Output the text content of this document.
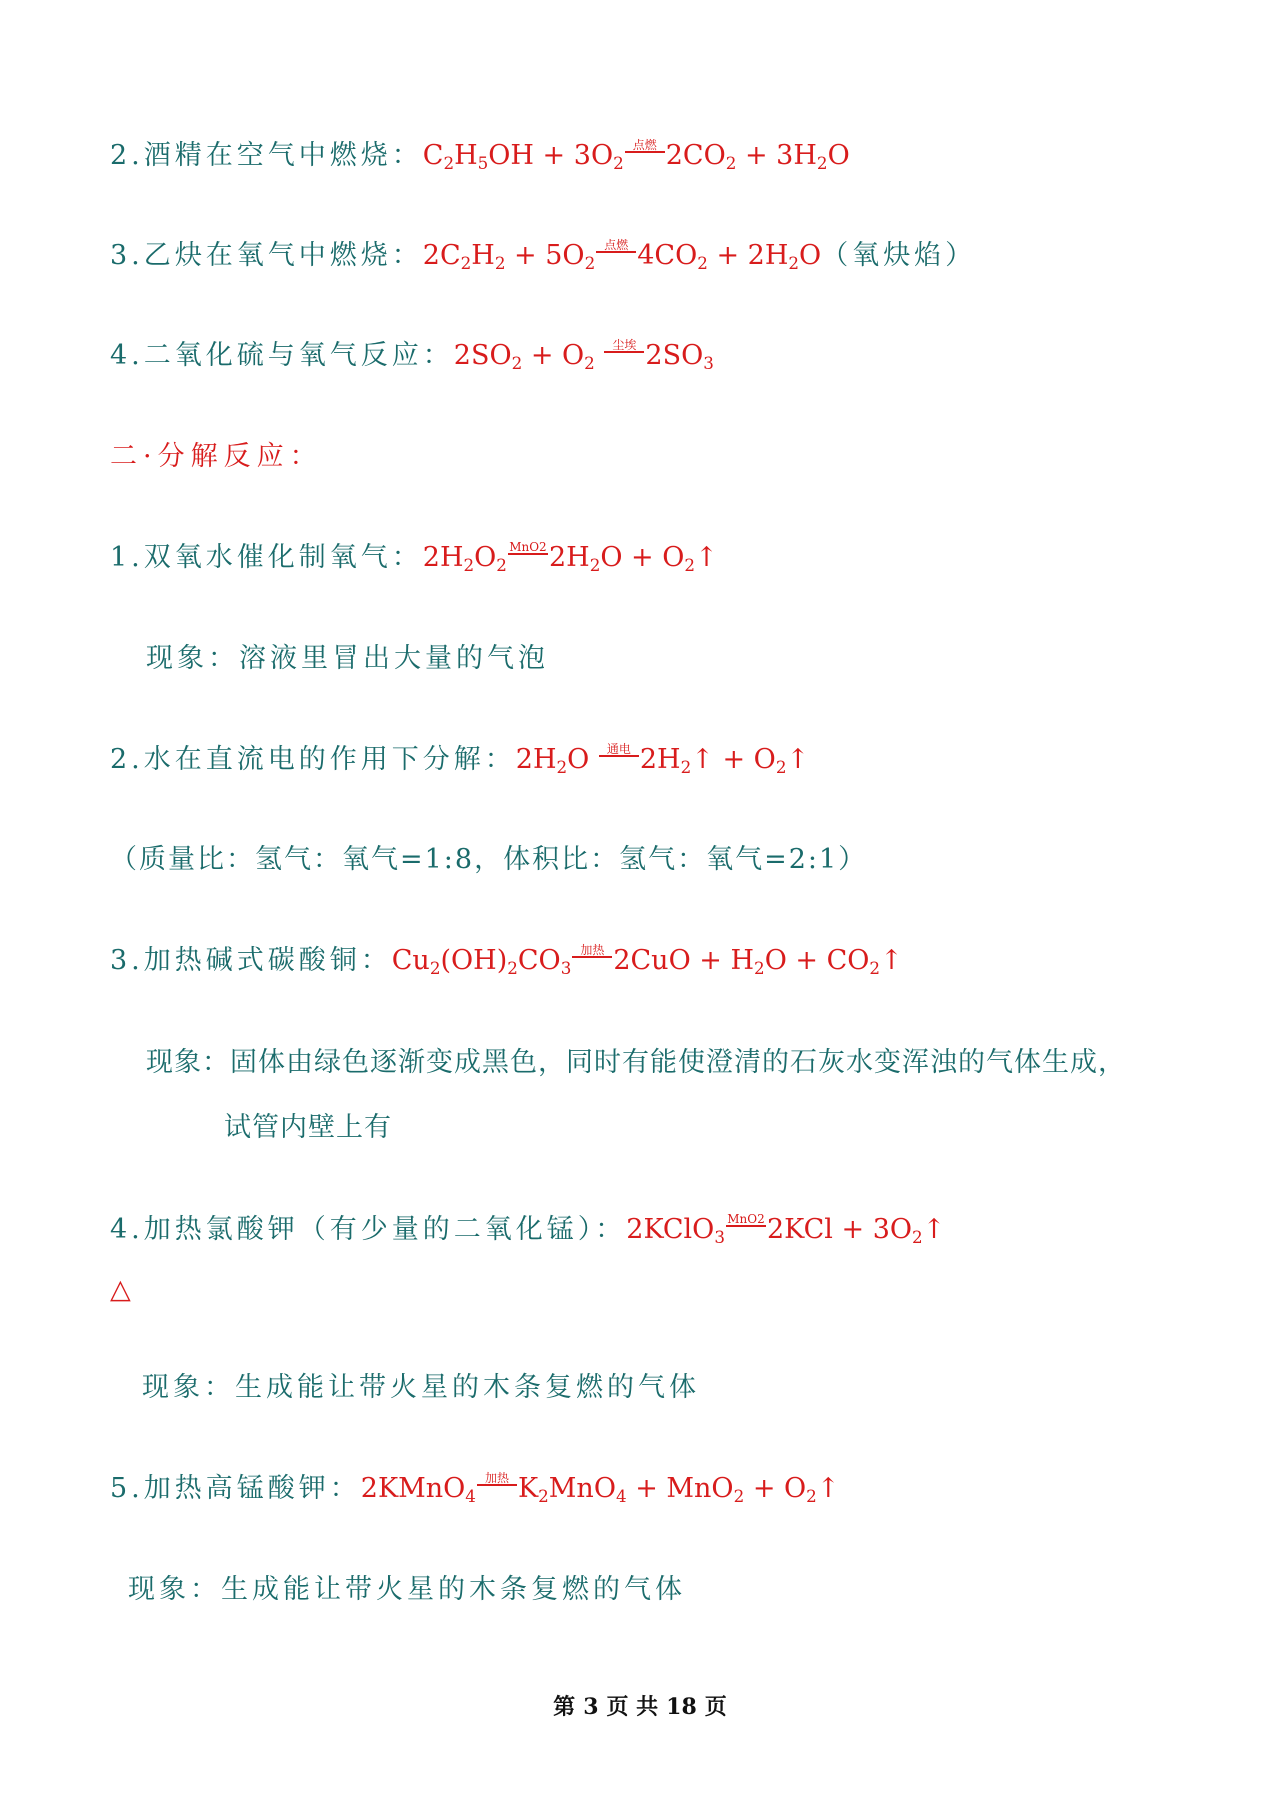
2.酒精在空气中燃烧：C2H5OH + 3O2
点燃 2CO2 + 3H2O
3.乙炔在氧气中燃烧：2C2H2 + 5O2
点燃 4CO2 + 2H2O（氧炔焰）
4.二氧化硫与氧气反应：2SO2 + O2
尘埃 2SO3
二·分解反应：
1.双氧水催化制氧气：2H2O2
MnO2 2H2O + O2↑
现象：溶液里冒出大量的气泡
2.水在直流电的作用下分解：2H2O 通电 2H2↑ + O2↑
（质量比：氢气：氧气=1:8，体积比：氢气：氧气=2:1）
3.加热碱式碳酸铜：Cu2(OH)2CO3
加热 2CuO + H2O + CO2↑
现象：固体由绿色逐渐变成黑色，同时有能使澄清的石灰水变浑浊的气体生成，
试管内壁上有
4.加热氯酸钾（有少量的二氧化锰）：2KClO3
MnO2 2KCl + 3O2↑
△
现象：生成能让带火星的木条复燃的气体
5.加热高锰酸钾：2KMnO4
加热 K2MnO4 + MnO2 + O2↑
现象：生成能让带火星的木条复燃的气体
第 3 页 共 18 页
